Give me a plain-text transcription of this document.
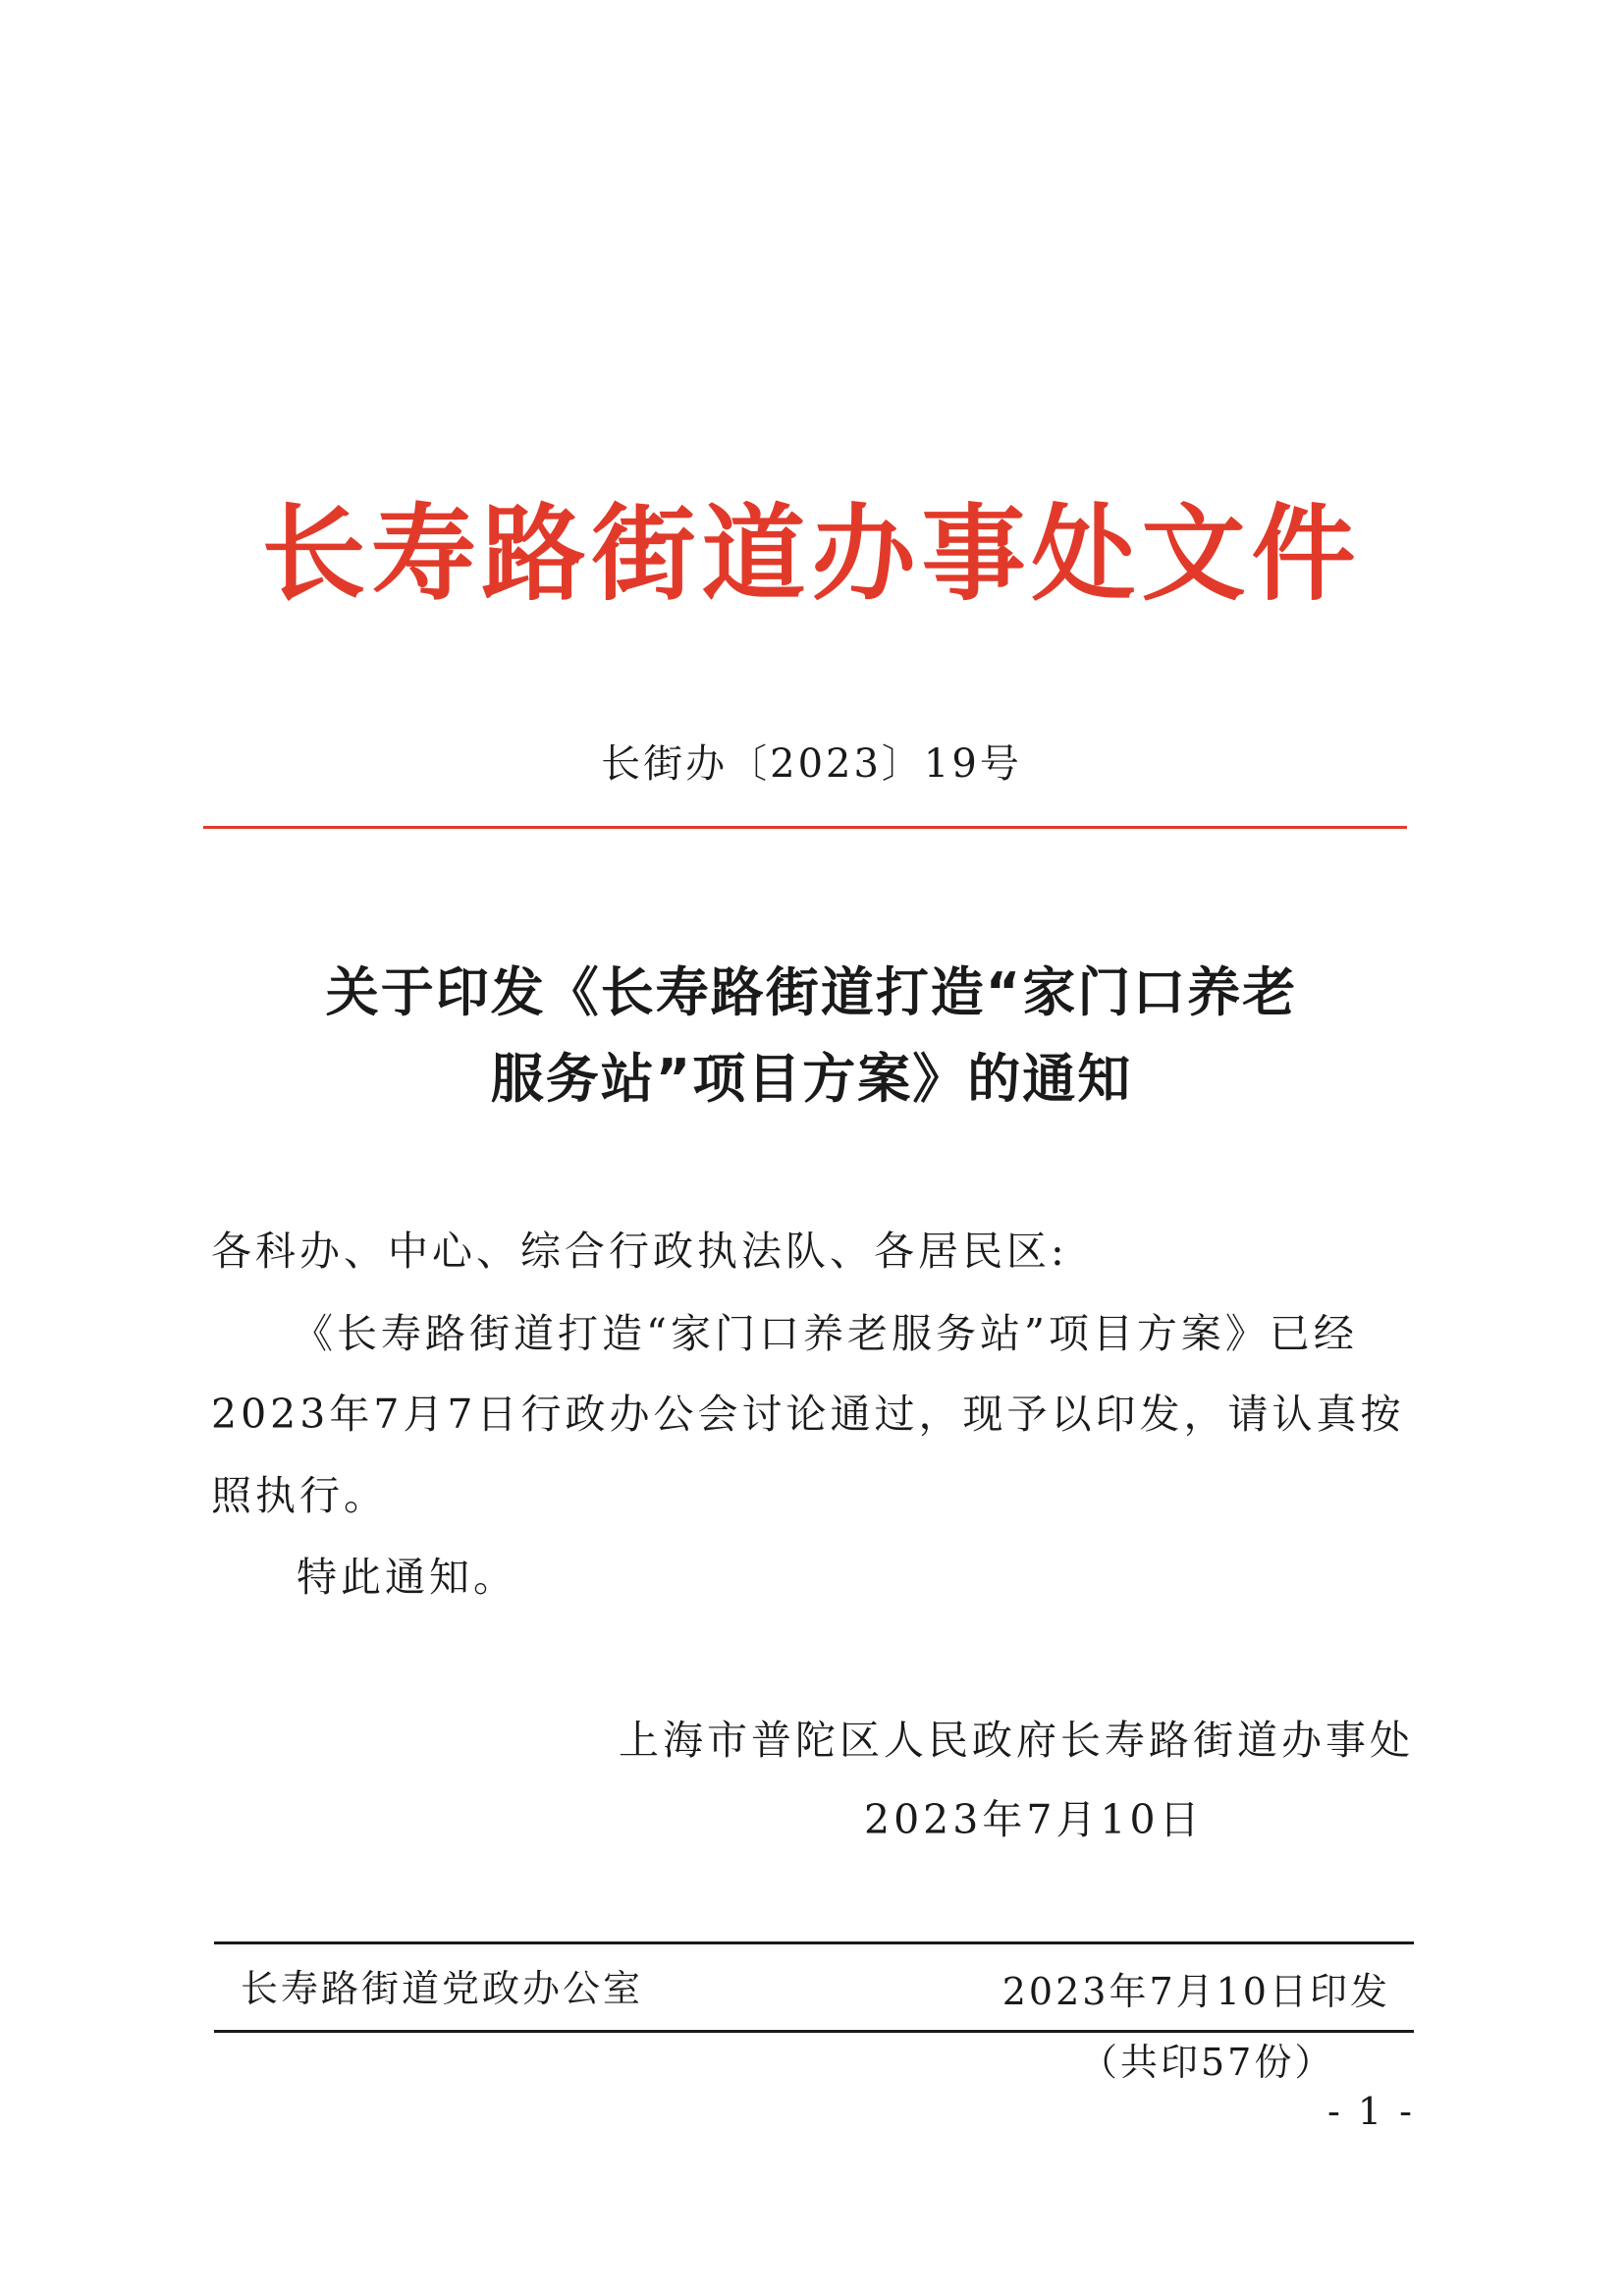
长寿路街道办事处文件
长街办〔2023〕19号
关于印发《长寿路街道打造“家门口养老
服务站”项目方案》的通知
各科办、中心、综合行政执法队、各居民区:
《长寿路街道打造“家门口养老服务站”项目方案》已经
2023年7月7日行政办公会讨论通过，现予以印发，请认真按
照执行。
特此通知。
上海市普陀区人民政府长寿路街道办事处
2023年7月10日
长寿路街道党政办公室	2023年7月10日印发
（共印57份）
- 1 -
